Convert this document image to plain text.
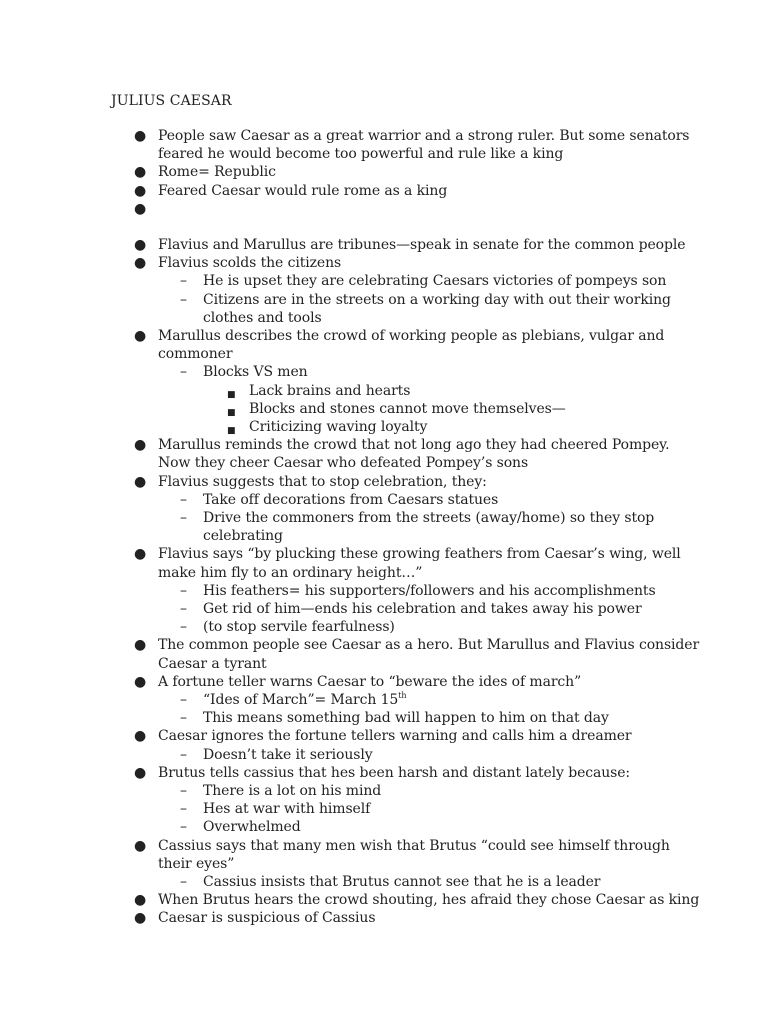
JULIUS CAESAR
● People saw Caesar as a great warrior and a strong ruler. But some senators
feared he would become too powerful and rule like a king
● Rome= Republic
● Feared Caesar would rule rome as a king
●
● Flavius and Marullus are tribunes—speak in senate for the common people
● Flavius scolds the citizens
– He is upset they are celebrating Caesars victories of pompeys son
– Citizens are in the streets on a working day with out their working
clothes and tools
● Marullus describes the crowd of working people as plebians, vulgar and
commoner
– Blocks VS men
■ Lack brains and hearts
■ Blocks and stones cannot move themselves—
■ Criticizing waving loyalty
● Marullus reminds the crowd that not long ago they had cheered Pompey.
Now they cheer Caesar who defeated Pompey’s sons
● Flavius suggests that to stop celebration, they:
– Take off decorations from Caesars statues
– Drive the commoners from the streets (away/home) so they stop
celebrating
● Flavius says “by plucking these growing feathers from Caesar’s wing, well
make him fly to an ordinary height…”
– His feathers= his supporters/followers and his accomplishments
– Get rid of him—ends his celebration and takes away his power
– (to stop servile fearfulness)
● The common people see Caesar as a hero. But Marullus and Flavius consider
Caesar a tyrant
● A fortune teller warns Caesar to “beware the ides of march”
– “Ides of March”= March 15th
– This means something bad will happen to him on that day
● Caesar ignores the fortune tellers warning and calls him a dreamer
– Doesn’t take it seriously
● Brutus tells cassius that hes been harsh and distant lately because:
– There is a lot on his mind
– Hes at war with himself
– Overwhelmed
● Cassius says that many men wish that Brutus “could see himself through
their eyes”
– Cassius insists that Brutus cannot see that he is a leader
● When Brutus hears the crowd shouting, hes afraid they chose Caesar as king
● Caesar is suspicious of Cassius
